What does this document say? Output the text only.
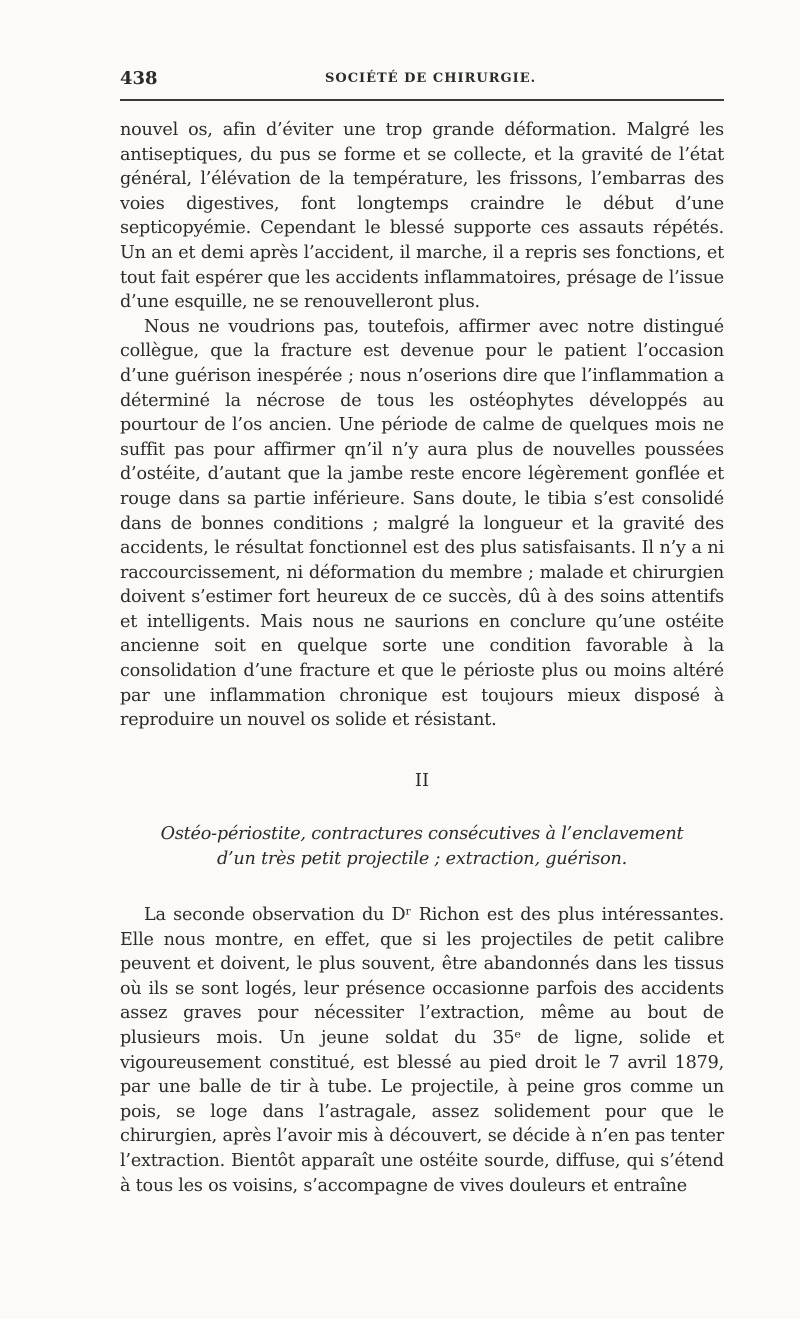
438	SOCIÉTÉ DE CHIRURGIE.

nouvel os, afin d’éviter une trop grande déformation. Malgré les antiseptiques, du pus se forme et se collecte, et la gravité de l’état général, l’élévation de la température, les frissons, l’embarras des voies digestives, font longtemps craindre le début d’une septicopyémie. Cependant le blessé supporte ces assauts répétés. Un an et demi après l’accident, il marche, il a repris ses fonctions, et tout fait espérer que les accidents inflammatoires, présage de l’issue d’une esquille, ne se renouvelleront plus.

Nous ne voudrions pas, toutefois, affirmer avec notre distingué collègue, que la fracture est devenue pour le patient l’occasion d’une guérison inespérée ; nous n’oserions dire que l’inflammation a déterminé la nécrose de tous les ostéophytes développés au pourtour de l’os ancien. Une période de calme de quelques mois ne suffit pas pour affirmer qn’il n’y aura plus de nouvelles poussées d’ostéite, d’autant que la jambe reste encore légèrement gonflée et rouge dans sa partie inférieure. Sans doute, le tibia s’est consolidé dans de bonnes conditions ; malgré la longueur et la gravité des accidents, le résultat fonctionnel est des plus satisfaisants. Il n’y a ni raccourcissement, ni déformation du membre ; malade et chirurgien doivent s’estimer fort heureux de ce succès, dû à des soins attentifs et intelligents. Mais nous ne saurions en conclure qu’une ostéite ancienne soit en quelque sorte une condition favorable à la consolidation d’une fracture et que le périoste plus ou moins altéré par une inflammation chronique est toujours mieux disposé à reproduire un nouvel os solide et résistant.

II
Ostéo-périostite, contractures consécutives à l’enclavement
d’un très petit projectile ; extraction, guérison.

La seconde observation du Dʳ Richon est des plus intéressantes. Elle nous montre, en effet, que si les projectiles de petit calibre peuvent et doivent, le plus souvent, être abandonnés dans les tissus où ils se sont logés, leur présence occasionne parfois des accidents assez graves pour nécessiter l’extraction, même au bout de plusieurs mois. Un jeune soldat du 35ᵉ de ligne, solide et vigoureusement constitué, est blessé au pied droit le 7 avril 1879, par une balle de tir à tube. Le projectile, à peine gros comme un pois, se loge dans l’astragale, assez solidement pour que le chirurgien, après l’avoir mis à découvert, se décide à n’en pas tenter l’extraction. Bientôt apparaît une ostéite sourde, diffuse, qui s’étend à tous les os voisins, s’accompagne de vives douleurs et entraîne
